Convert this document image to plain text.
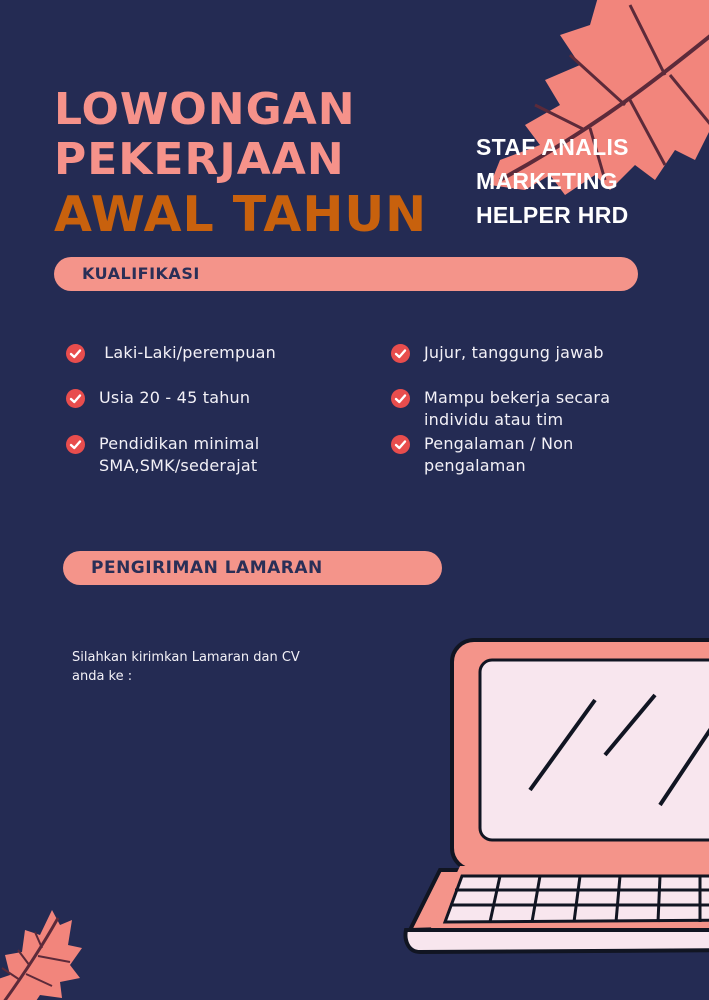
LOWONGAN
PEKERJAAN
AWAL TAHUN
STAF ANALIS
MARKETING
HELPER HRD
KUALIFIKASI
Laki-Laki/perempuan
Usia 20 - 45 tahun
Pendidikan minimal SMA,SMK/sederajat
Jujur, tanggung jawab
Mampu bekerja secara individu atau tim
Pengalaman / Non pengalaman
PENGIRIMAN LAMARAN
Silahkan kirimkan Lamaran dan CV anda ke :
